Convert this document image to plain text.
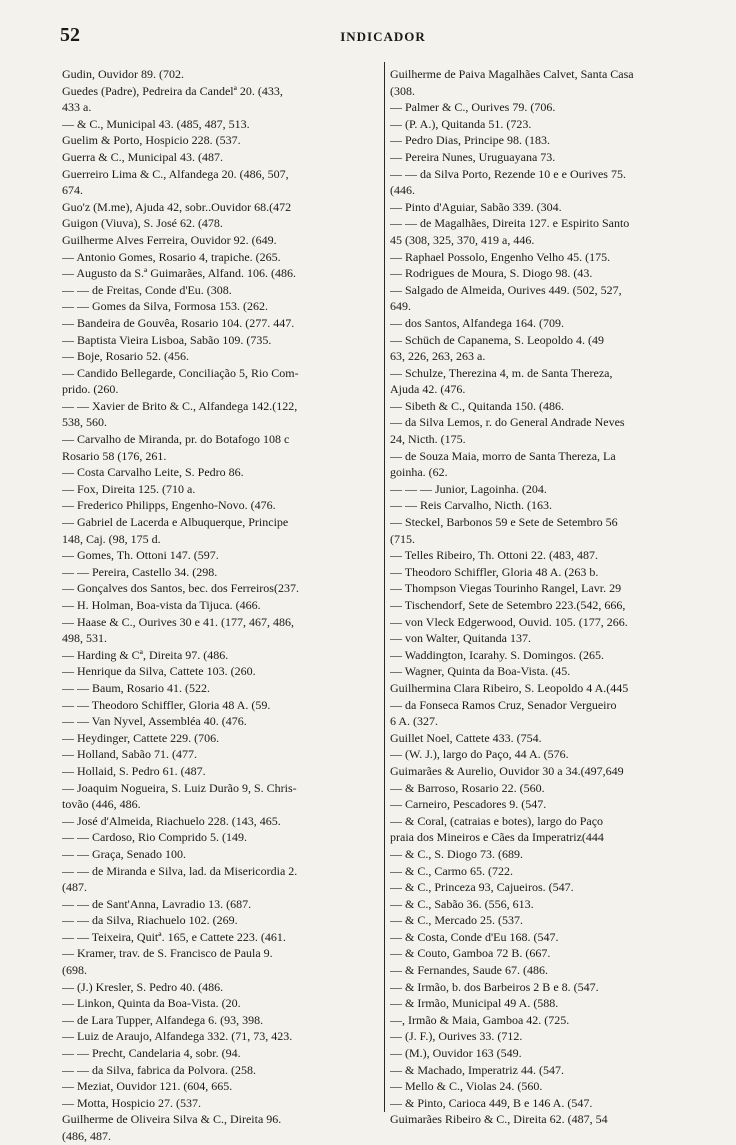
52	INDICADOR
Gudin, Ouvidor 89. (702.
Guedes (Padre), Pedreira da Candelª 20. (433,
433 a.
— & C., Municipal 43. (485, 487, 513.
Guelim & Porto, Hospicio 228. (537.
Guerra & C., Municipal 43. (487.
Guerreiro Lima & C., Alfandega 20. (486, 507,
674.
Guo'z (M.me), Ajuda 42, sobr..Ouvidor 68.(472
Guigon (Viuva), S. José 62. (478.
Guilherme Alves Ferreira, Ouvidor 92. (649.
— Antonio Gomes, Rosario 4, trapiche. (265.
— Augusto da S.ª Guimarães, Alfand. 106. (486.
— — de Freitas, Conde d'Eu. (308.
— — Gomes da Silva, Formosa 153. (262.
— Bandeira de Gouvêa, Rosario 104. (277. 447.
— Baptista Vieira Lisboa, Sabão 109. (735.
— Boje, Rosario 52. (456.
— Candido Bellegarde, Conciliação 5, Rio Com-
prido. (260.
— — Xavier de Brito & C., Alfandega 142.(122,
538, 560.
— Carvalho de Miranda, pr. do Botafogo 108 c
Rosario 58 (176, 261.
— Costa Carvalho Leite, S. Pedro 86.
— Fox, Direita 125. (710 a.
— Frederico Philipps, Engenho-Novo. (476.
— Gabriel de Lacerda e Albuquerque, Principe
148, Caj. (98, 175 d.
— Gomes, Th. Ottoni 147. (597.
— — Pereira, Castello 34. (298.
— Gonçalves dos Santos, bec. dos Ferreiros(237.
— H. Holman, Boa-vista da Tijuca. (466.
— Haase & C., Ourives 30 e 41. (177, 467, 486,
498, 531.
— Harding & Cª, Direita 97. (486.
— Henrique da Silva, Cattete 103. (260.
— — Baum, Rosario 41. (522.
— — Theodoro Schiffler, Gloria 48 A. (59.
— — Van Nyvel, Assembléa 40. (476.
— Heydinger, Cattete 229. (706.
— Holland, Sabão 71. (477.
— Hollaid, S. Pedro 61. (487.
— Joaquim Nogueira, S. Luiz Durão 9, S. Chris-
tovão (446, 486.
— José d'Almeida, Riachuelo 228. (143, 465.
— — Cardoso, Rio Comprido 5. (149.
— — Graça, Senado 100.
— — de Miranda e Silva, lad. da Misericordia 2.
(487.
— — de Sant'Anna, Lavradio 13. (687.
— — da Silva, Riachuelo 102. (269.
— — Teixeira, Quitª. 165, e Cattete 223. (461.
— Kramer, trav. de S. Francisco de Paula 9.
(698.
— (J.) Kresler, S. Pedro 40. (486.
— Linkon, Quinta da Boa-Vista. (20.
— de Lara Tupper, Alfandega 6. (93, 398.
— Luiz de Araujo, Alfandega 332. (71, 73, 423.
— — Precht, Candelaria 4, sobr. (94.
— — da Silva, fabrica da Polvora. (258.
— Meziat, Ouvidor 121. (604, 665.
— Motta, Hospicio 27. (537.
Guilherme de Oliveira Silva & C., Direita 96.
(486, 487.
Guilherme de Paiva Magalhães Calvet, Santa Casa
(308.
— Palmer & C., Ourives 79. (706.
— (P. A.), Quitanda 51. (723.
— Pedro Dias, Principe 98. (183.
— Pereira Nunes, Uruguayana 73.
— — da Silva Porto, Rezende 10 e e Ourives 75.
(446.
— Pinto d'Aguiar, Sabão 339. (304.
— — de Magalhães, Direita 127. e Espirito Santo
45 (308, 325, 370, 419 a, 446.
— Raphael Possolo, Engenho Velho 45. (175.
— Rodrigues de Moura, S. Diogo 98. (43.
— Salgado de Almeida, Ourives 449. (502, 527,
649.
— dos Santos, Alfandega 164. (709.
— Schüch de Capanema, S. Leopoldo 4. (49
63, 226, 263, 263 a.
— Schulze, Therezina 4, m. de Santa Thereza,
Ajuda 42. (476.
— Sibeth & C., Quitanda 150. (486.
— da Silva Lemos, r. do General Andrade Neves
24, Nicth. (175.
— de Souza Maia, morro de Santa Thereza, La
goinha. (62.
— — — Junior, Lagoinha. (204.
— — Reis Carvalho, Nicth. (163.
— Steckel, Barbonos 59 e Sete de Setembro 56
(715.
— Telles Ribeiro, Th. Ottoni 22. (483, 487.
— Theodoro Schiffler, Gloria 48 A. (263 b.
— Thompson Viegas Tourinho Rangel, Lavr. 29
— Tischendorf, Sete de Setembro 223.(542, 666,
— von Vleck Edgerwood, Ouvid. 105. (177, 266.
— von Walter, Quitanda 137.
— Waddington, Icarahy. S. Domingos. (265.
— Wagner, Quinta da Boa-Vista. (45.
Guilhermina Clara Ribeiro, S. Leopoldo 4 A.(445
— da Fonseca Ramos Cruz, Senador Vergueiro
6 A. (327.
Guillet Noel, Cattete 433. (754.
— (W. J.), largo do Paço, 44 A. (576.
Guimarães & Aurelio, Ouvidor 30 a 34.(497,649
— & Barroso, Rosario 22. (560.
— Carneiro, Pescadores 9. (547.
— & Coral, (catraias e botes), largo do Paço
praia dos Mineiros e Cães da Imperatriz(444
— & C., S. Diogo 73. (689.
— & C., Carmo 65. (722.
— & C., Princeza 93, Cajueiros. (547.
— & C., Sabão 36. (556, 613.
— & C., Mercado 25. (537.
— & Costa, Conde d'Eu 168. (547.
— & Couto, Gamboa 72 B. (667.
— & Fernandes, Saude 67. (486.
— & Irmão, b. dos Barbeiros 2 B e 8. (547.
— & Irmão, Municipal 49 A. (588.
—, Irmão & Maia, Gamboa 42. (725.
— (J. F.), Ourives 33. (712.
— (M.), Ouvidor 163 (549.
— & Machado, Imperatriz 44. (547.
— Mello & C., Violas 24. (560.
— & Pinto, Carioca 449, B e 146 A. (547.
Guimarães Ribeiro & C., Direita 62. (487, 54
